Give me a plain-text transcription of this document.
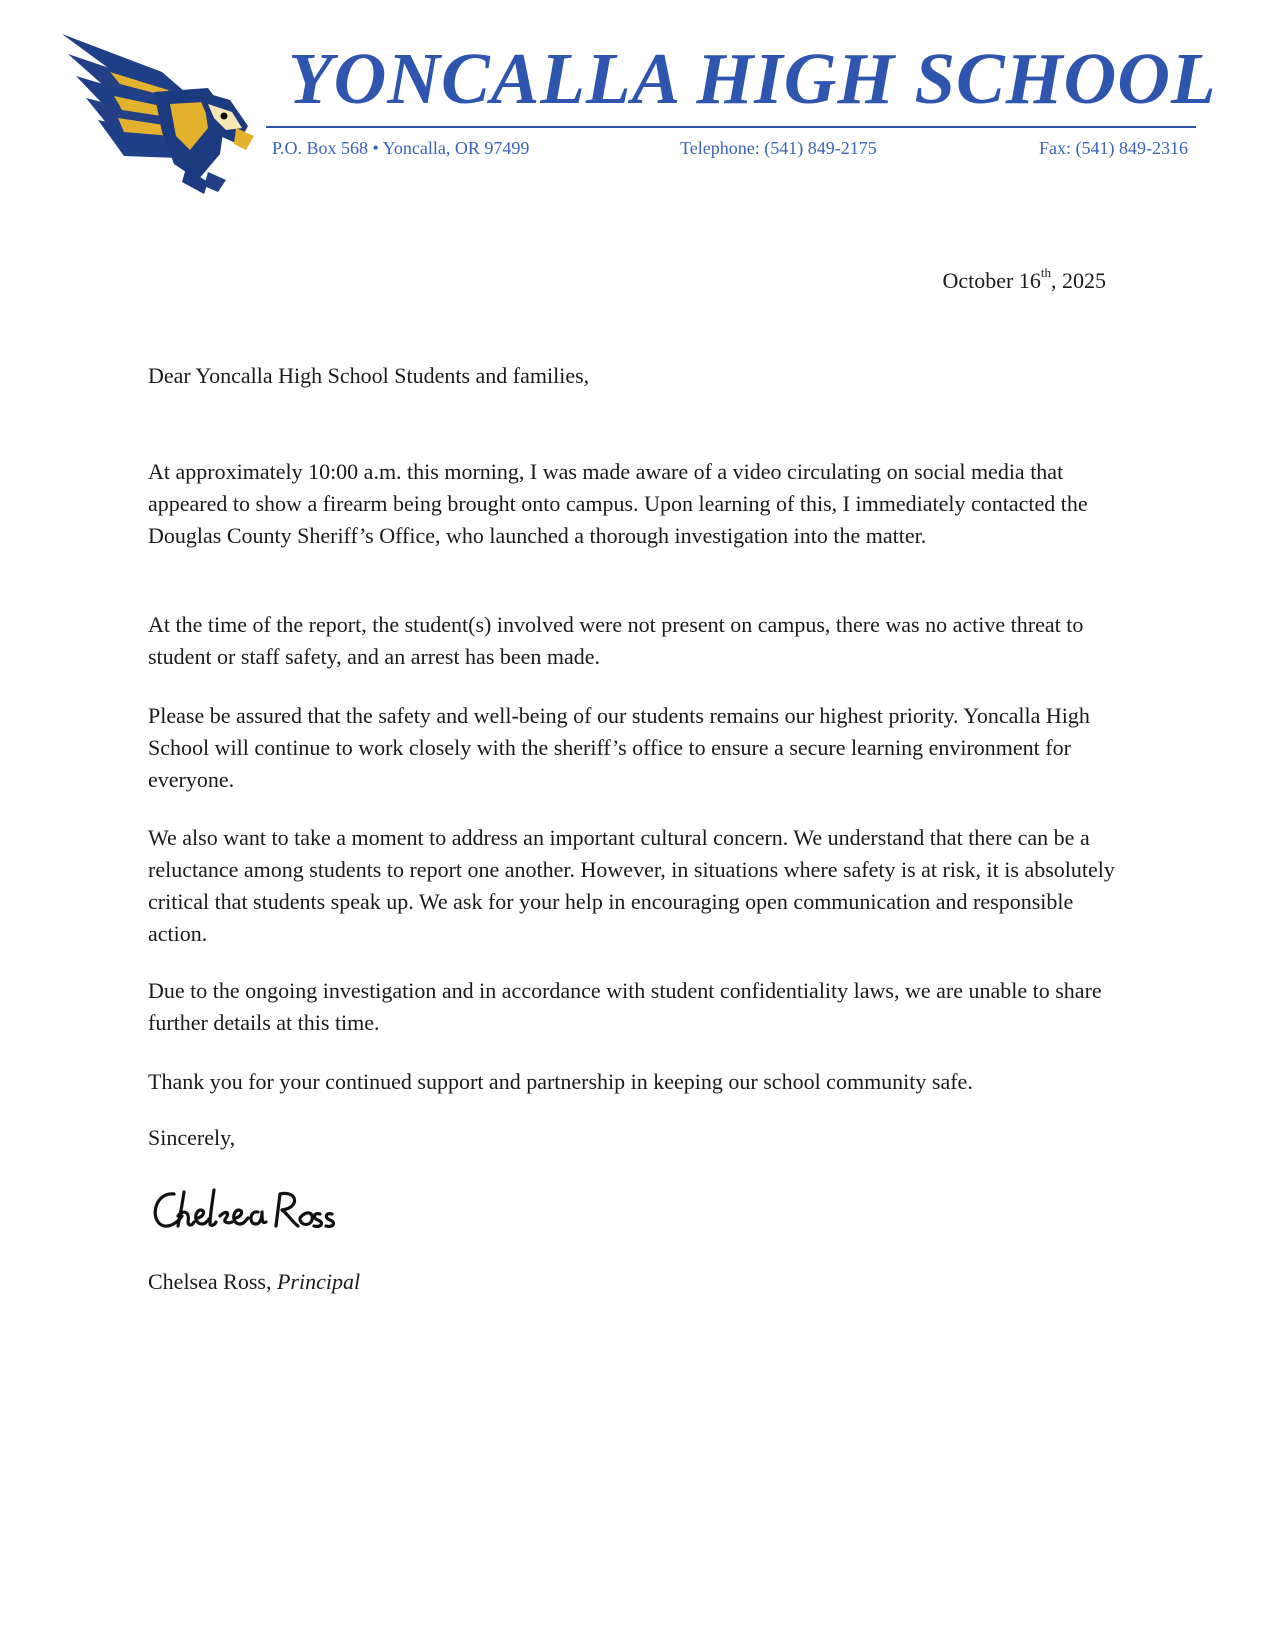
YONCALLA HIGH SCHOOL
P.O. Box 568 • Yoncalla, OR 97499	Telephone: (541) 849-2175	Fax: (541) 849-2316
October 16th, 2025
Dear Yoncalla High School Students and families,
At approximately 10:00 a.m. this morning, I was made aware of a video circulating on social media that appeared to show a firearm being brought onto campus. Upon learning of this, I immediately contacted the Douglas County Sheriff’s Office, who launched a thorough investigation into the matter.
At the time of the report, the student(s) involved were not present on campus, there was no active threat to student or staff safety, and an arrest has been made.
Please be assured that the safety and well-being of our students remains our highest priority. Yoncalla High School will continue to work closely with the sheriff’s office to ensure a secure learning environment for everyone.
We also want to take a moment to address an important cultural concern. We understand that there can be a reluctance among students to report one another. However, in situations where safety is at risk, it is absolutely critical that students speak up. We ask for your help in encouraging open communication and responsible action.
Due to the ongoing investigation and in accordance with student confidentiality laws, we are unable to share further details at this time.
Thank you for your continued support and partnership in keeping our school community safe.
Sincerely,
Chelsea Ross, Principal
